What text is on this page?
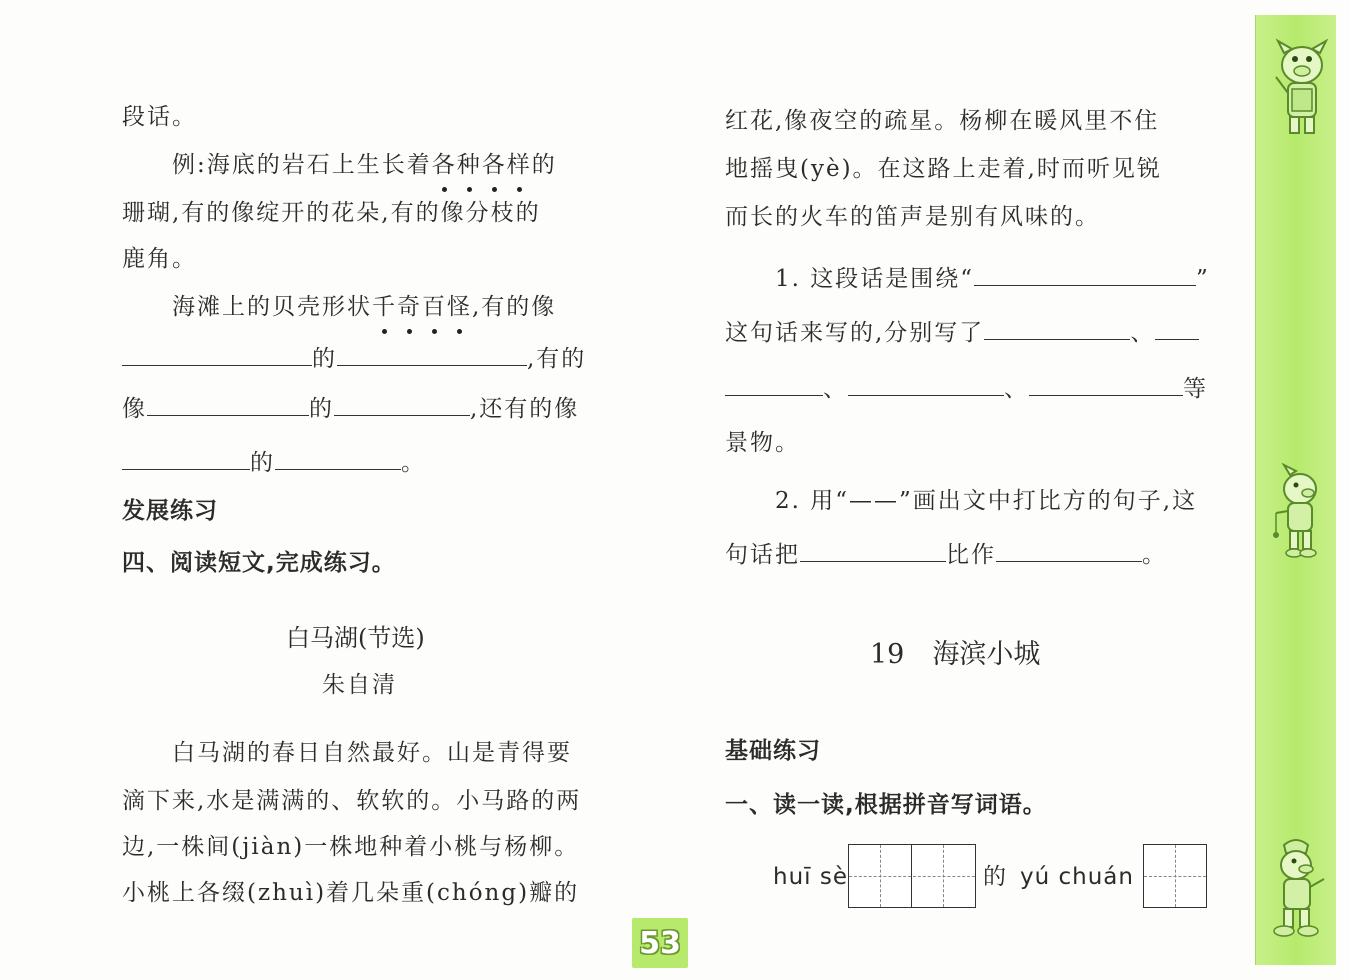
段话。
例:海底的岩石上生长着各种各样的
珊瑚,有的像绽开的花朵,有的像分枝的
鹿角。
海滩上的贝壳形状千奇百怪,有的像
的	,有的
像	的	,还有的像
的	。
发展练习
四、阅读短文,完成练习。
白马湖(节选)
朱自清
白马湖的春日自然最好。山是青得要
滴下来,水是满满的、软软的。小马路的两
边,一株间(jiàn)一株地种着小桃与杨柳。
小桃上各缀(zhuì)着几朵重(chóng)瓣的
53
红花,像夜空的疏星。杨柳在暖风里不住
地摇曳(yè)。在这路上走着,时而听见锐
而长的火车的笛声是别有风味的。
1. 这段话是围绕“	”
这句话来写的,分别写了	、
、	、	等
景物。
2. 用“——”画出文中打比方的句子,这
句话把	比作	。
19 海滨小城
基础练习
一、读一读,根据拼音写词语。
huī sè	的 yú chuán
